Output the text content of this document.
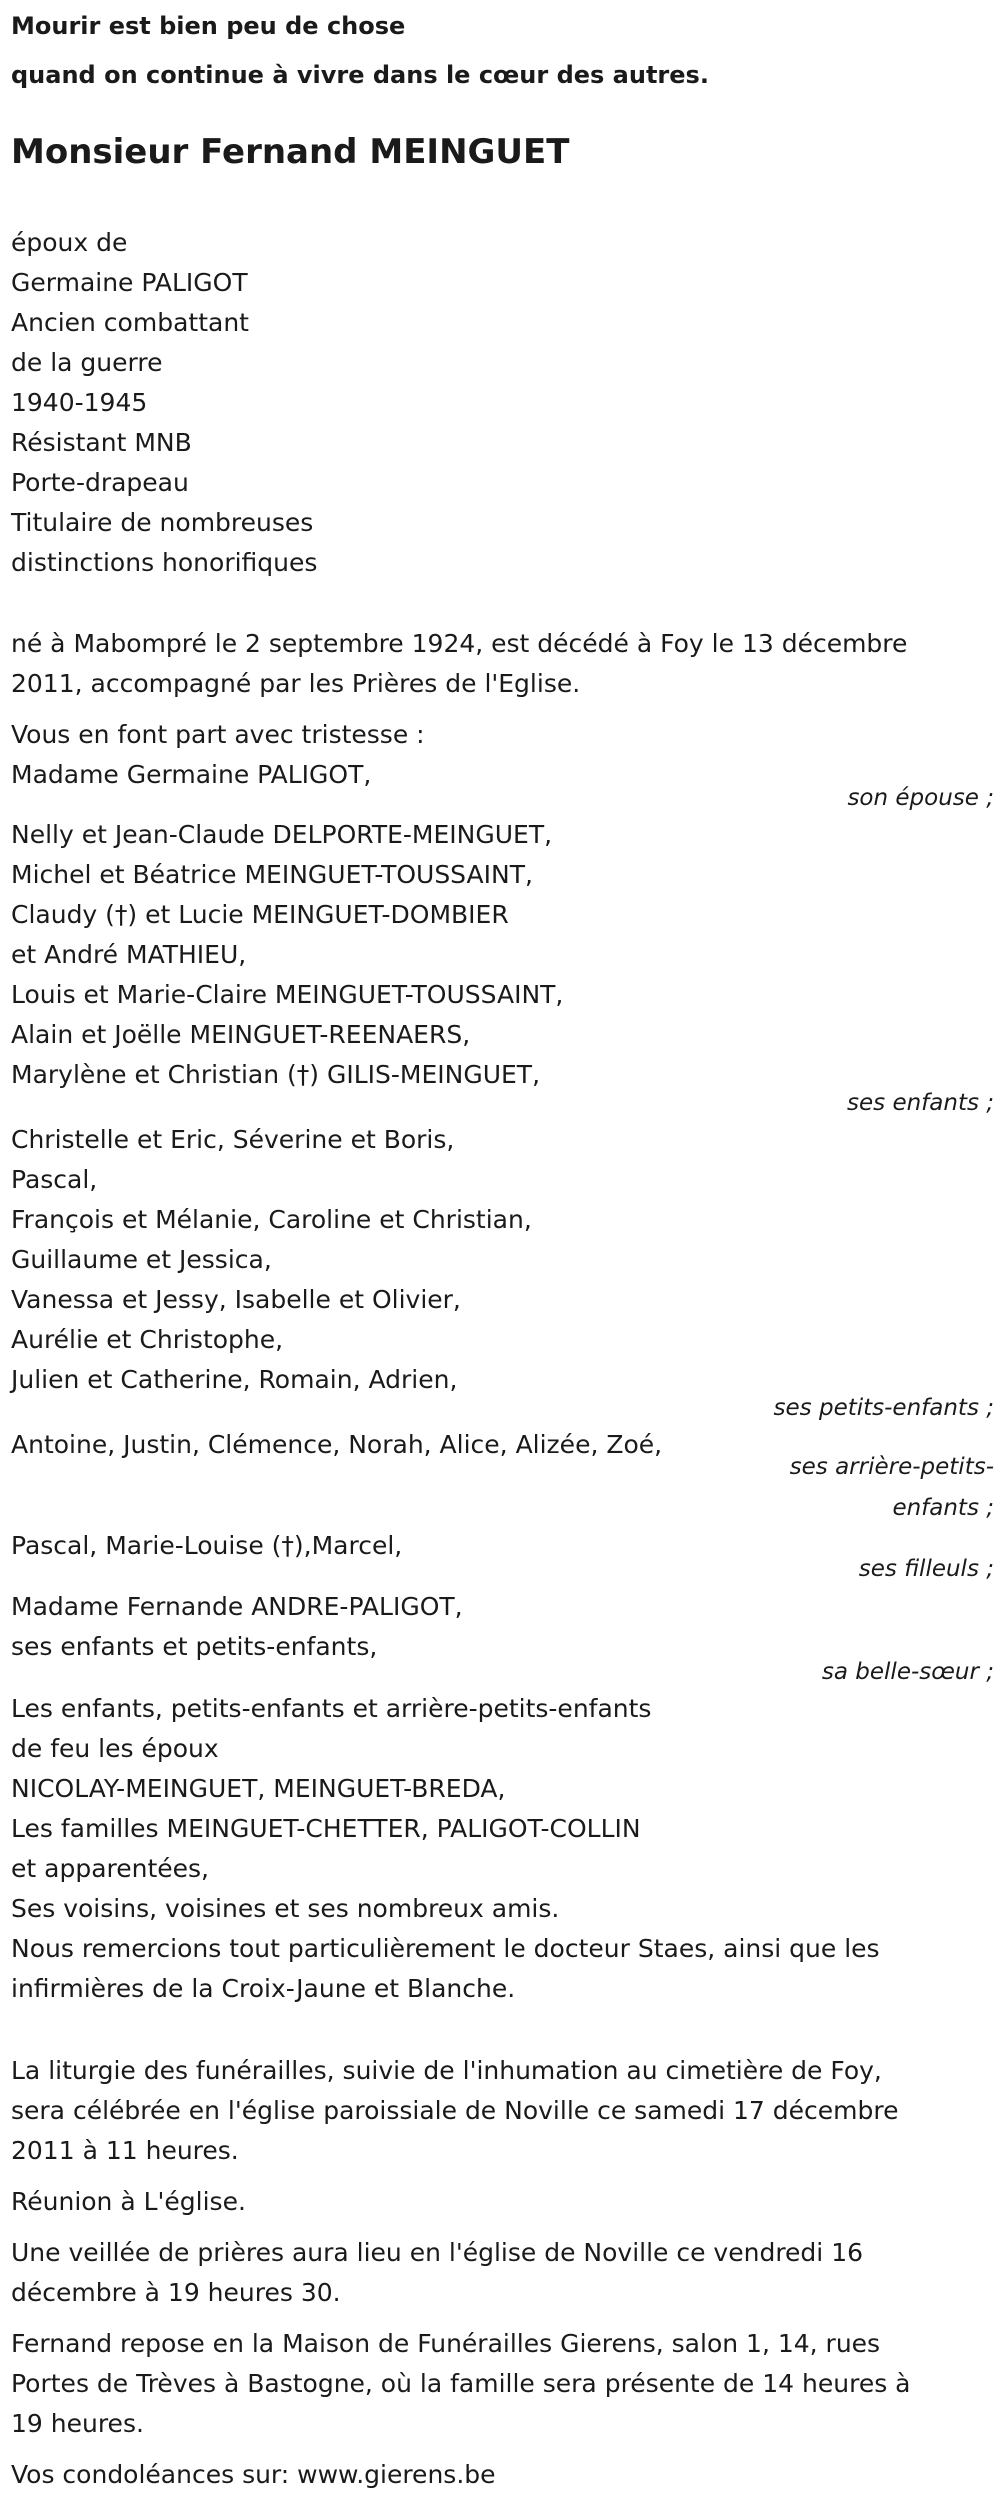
Mourir est bien peu de chose
quand on continue à vivre dans le cœur des autres.
Monsieur Fernand MEINGUET
époux de
Germaine PALIGOT
Ancien combattant
de la guerre
1940-1945
Résistant MNB
Porte-drapeau
Titulaire de nombreuses
distinctions honorifiques
né à Mabompré le 2 septembre 1924, est décédé à Foy le 13 décembre
2011, accompagné par les Prières de l'Eglise.
Vous en font part avec tristesse :
Madame Germaine PALIGOT,
son épouse ;
Nelly et Jean-Claude DELPORTE-MEINGUET,
Michel et Béatrice MEINGUET-TOUSSAINT,
Claudy (†) et Lucie MEINGUET-DOMBIER
et André MATHIEU,
Louis et Marie-Claire MEINGUET-TOUSSAINT,
Alain et Joëlle MEINGUET-REENAERS,
Marylène et Christian (†) GILIS-MEINGUET,
ses enfants ;
Christelle et Eric, Séverine et Boris,
Pascal,
François et Mélanie, Caroline et Christian,
Guillaume et Jessica,
Vanessa et Jessy, Isabelle et Olivier,
Aurélie et Christophe,
Julien et Catherine, Romain, Adrien,
ses petits-enfants ;
Antoine, Justin, Clémence, Norah, Alice, Alizée, Zoé,
ses arrière-petits-
enfants ;
Pascal, Marie-Louise (†),Marcel,
ses filleuls ;
Madame Fernande ANDRE-PALIGOT,
ses enfants et petits-enfants,
sa belle-sœur ;
Les enfants, petits-enfants et arrière-petits-enfants
de feu les époux
NICOLAY-MEINGUET, MEINGUET-BREDA,
Les familles MEINGUET-CHETTER, PALIGOT-COLLIN
et apparentées,
Ses voisins, voisines et ses nombreux amis.
Nous remercions tout particulièrement le docteur Staes, ainsi que les
infirmières de la Croix-Jaune et Blanche.
La liturgie des funérailles, suivie de l'inhumation au cimetière de Foy,
sera célébrée en l'église paroissiale de Noville ce samedi 17 décembre
2011 à 11 heures.
Réunion à L'église.
Une veillée de prières aura lieu en l'église de Noville ce vendredi 16
décembre à 19 heures 30.
Fernand repose en la Maison de Funérailles Gierens, salon 1, 14, rues
Portes de Trèves à Bastogne, où la famille sera présente de 14 heures à
19 heures.
Vos condoléances sur: www.gierens.be
